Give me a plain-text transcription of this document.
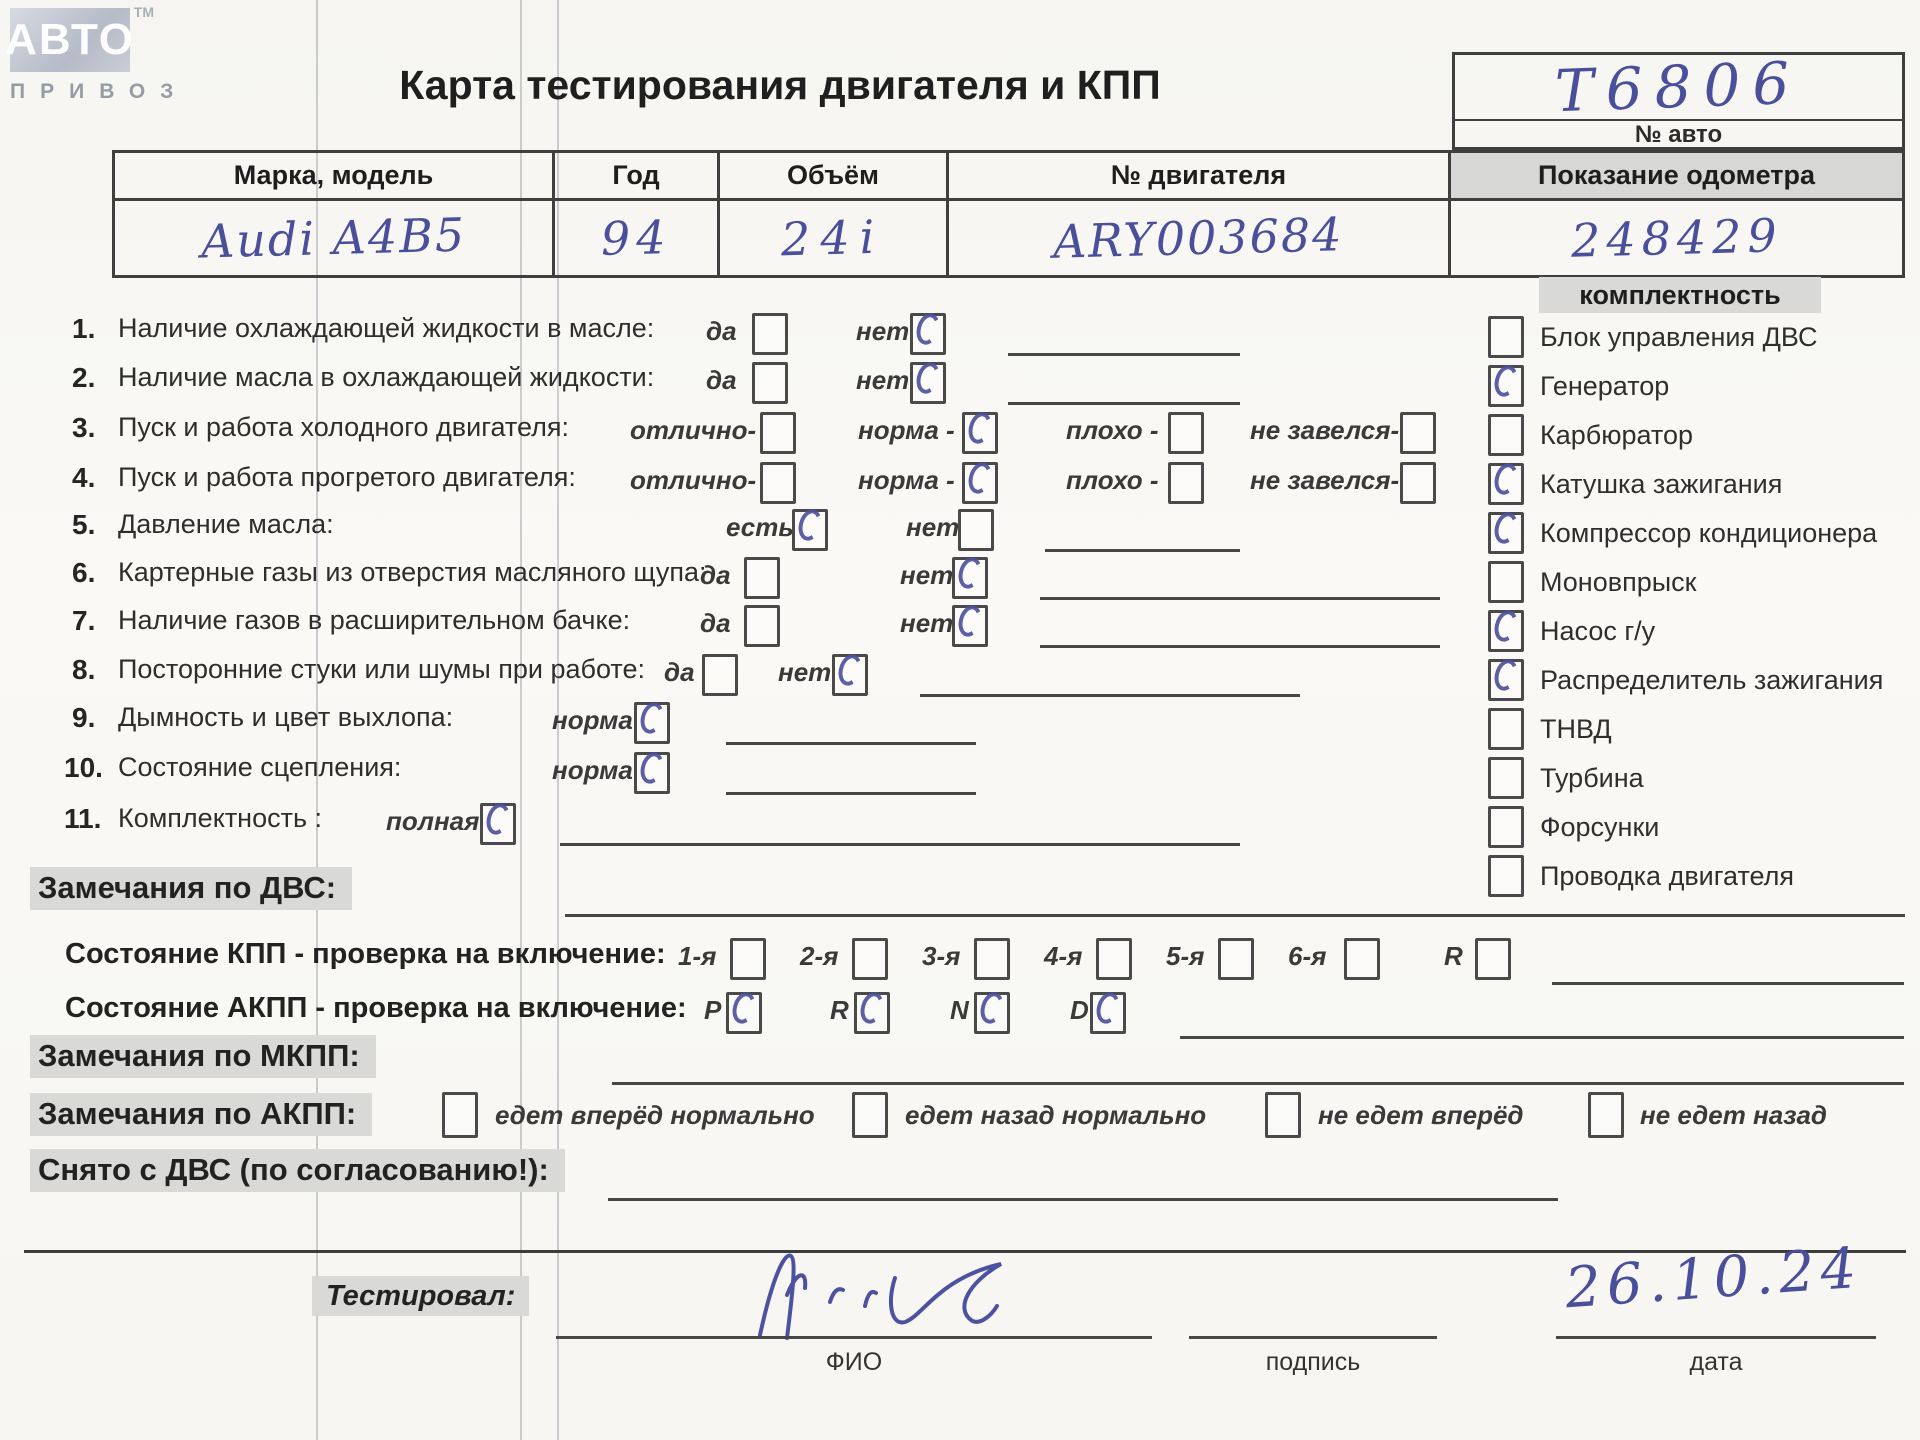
АВТО
ТМ
ПРИВОЗ	Карта тестирования двигателя и КПП	T6806
№ авто
Марка, модель	Год	Объём	№ двигателя	Показание одометра
Audi A4B5	94 24i	ARY003684	248429
комплектность
Блок управления ДВС
Генератор
Карбюратор
Катушка зажигания
Компрессор кондиционера
Моновпрыск
Насос г/у
Распределитель зажигания
ТНВД
Турбина
Форсунки
Проводка двигателя
1. Наличие охлаждающей жидкости в масле: да	нет
2. Наличие масла в охлаждающей жидкости: да	нет
3. Пуск и работа холодного двигателя: отлично-	норма -	плохо -	не завелся-
4. Пуск и работа прогретого двигателя: отлично-	норма -	плохо -	не завелся-
5. Давление масла:	есть	нет
6. Картерные газы из отверстия масляного щупа:
да	нет
7. Наличие газов в расширительном бачке:	да	нет
8. Посторонние стуки или шумы при работе: да	нет
9. Дымность и цвет выхлопа:	норма
10. Состояние сцепления:	норма
11. Комплектность : полная
Замечания по ДВС:
Состояние КПП - проверка на включение: 1-я	2-я	3-я	4-я	5-я	6-я	R
Состояние АКПП - проверка на включение: P	R	N	D
Замечания по МКПП:
Замечания по АКПП:	едет вперёд нормально	едет назад нормально	не едет вперёд	не едет назад
Снято с ДВС (по согласованию!):
Тестировал:
ФИО	подпись
26.10.24
дата
